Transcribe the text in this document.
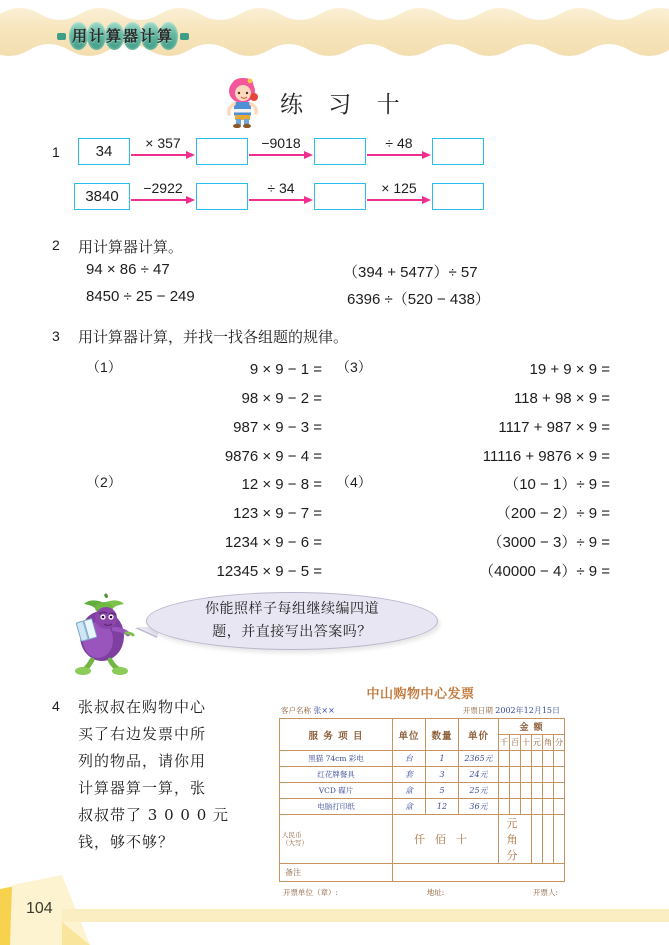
用计算器计算
练 习 十
1	34	× 357	−9018	÷ 48
3840	−2922	÷ 34	× 125
2 用计算器计算。
94 × 86 ÷ 47
8450 ÷ 25 − 249
（394 + 5477）÷ 57
6396 ÷（520 − 438）
3 用计算器计算，并找一找各组题的规律。
（1）	9 × 9 − 1 =
98 × 9 − 2 =
987 × 9 − 3 =
9876 × 9 − 4 =
（3）	19 + 9 × 9 =
118 + 98 × 9 =
1117 + 987 × 9 =
11116 + 9876 × 9 =
（2）	12 × 9 − 8 =
123 × 9 − 7 =
1234 × 9 − 6 =
12345 × 9 − 5 =
（4）	（10 − 1）÷ 9 =
（200 − 2）÷ 9 =
（3000 − 3）÷ 9 =
（40000 − 4）÷ 9 =
你能照样子每组继续编四道
题，并直接写出答案吗？
4 张叔叔在购物中心
买了右边发票中所
列的物品，请你用
计算器算一算，张
叔叔带了 3 0 0 0 元
钱，够不够？
中山购物中心发票
客户名称 张××	开票日期 2002年12月15日
服 务 项 目	单位	数量	单价	金 额					
				千	百	十	元	角	分
黑猫 74cm 彩电	台	1	2365元						
红花牌餐具	套	3	24元						
VCD 碟片	盒	5	25元						
电脑打印纸	盒	12	36元						
人民币
（大写）	仟佰十			元角分					
备注									
开票单位（章）:	地址:	开票人:
104
